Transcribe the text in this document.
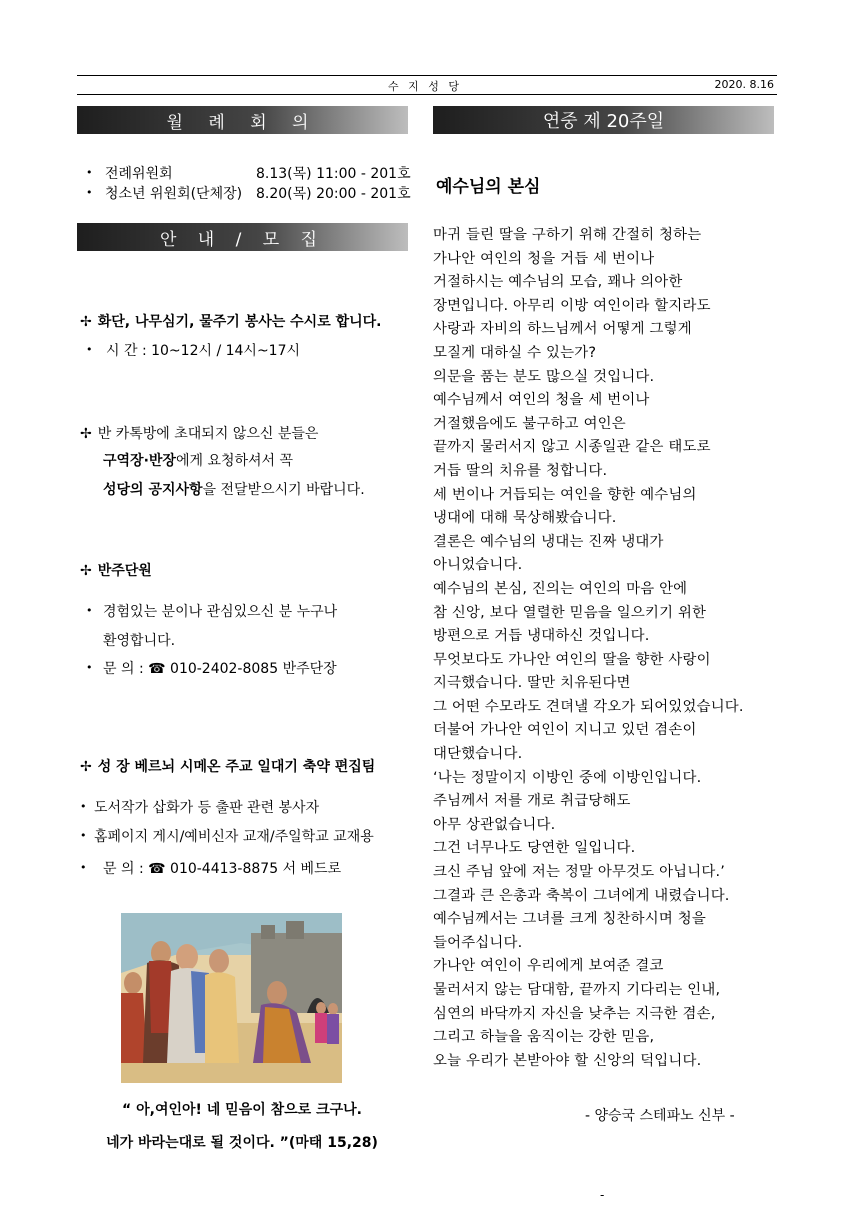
수 지 성 당	2020. 8.16
월 례 회 의
• 전례위원회	8.13(목) 11:00 - 201호
• 청소년 위원회(단체장) 8.20(목) 20:00 - 201호
안 내 / 모 집
✢ 화단, 나무심기, 물주기 봉사는 수시로 합니다.
• 시 간 : 10~12시 / 14시~17시
✢ 반 카톡방에 초대되지 않으신 분들은
구역장·반장에게 요청하셔서 꼭
성당의 공지사항을 전달받으시기 바랍니다.
✢ 반주단원
• 경험있는 분이나 관심있으신 분 누구나
환영합니다.
• 문 의 : ☎ 010-2402-8085 반주단장
✢ 성 장 베르뇌 시메온 주교 일대기 축약 편집팀
• 도서작가 삽화가 등 출판 관련 봉사자
• 홈페이지 게시/예비신자 교재/주일학교 교재용
• 문 의 : ☎ 010-4413-8875 서 베드로
“ 아,여인아! 네 믿음이 참으로 크구나.
네가 바라는대로 될 것이다. ”(마태 15,28)
연중 제 20주일
예수님의 본심
마귀 들린 딸을 구하기 위해 간절히 청하는
가나안 여인의 청을 거듭 세 번이나
거절하시는 예수님의 모습, 꽤나 의아한
장면입니다. 아무리 이방 여인이라 할지라도
사랑과 자비의 하느님께서 어떻게 그렇게
모질게 대하실 수 있는가?
의문을 품는 분도 많으실 것입니다.
예수님께서 여인의 청을 세 번이나
거절했음에도 불구하고 여인은
끝까지 물러서지 않고 시종일관 같은 태도로
거듭 딸의 치유를 청합니다.
세 번이나 거듭되는 여인을 향한 예수님의
냉대에 대해 묵상해봤습니다.
결론은 예수님의 냉대는 진짜 냉대가
아니었습니다.
예수님의 본심, 진의는 여인의 마음 안에
참 신앙, 보다 열렬한 믿음을 일으키기 위한
방편으로 거듭 냉대하신 것입니다.
무엇보다도 가나안 여인의 딸을 향한 사랑이
지극했습니다. 딸만 치유된다면
그 어떤 수모라도 견뎌낼 각오가 되어있었습니다.
더불어 가나안 여인이 지니고 있던 겸손이
대단했습니다.
‘나는 정말이지 이방인 중에 이방인입니다.
주님께서 저를 개로 취급당해도
아무 상관없습니다.
그건 너무나도 당연한 일입니다.
크신 주님 앞에 저는 정말 아무것도 아닙니다.’
그결과 큰 은총과 축복이 그녀에게 내렸습니다.
예수님께서는 그녀를 크게 칭찬하시며 청을
들어주십니다.
가나안 여인이 우리에게 보여준 결코
물러서지 않는 담대함, 끝까지 기다리는 인내,
심연의 바닥까지 자신을 낮추는 지극한 겸손,
그리고 하늘을 움직이는 강한 믿음,
오늘 우리가 본받아야 할 신앙의 덕입니다.
- 양승국 스테파노 신부 -
-
